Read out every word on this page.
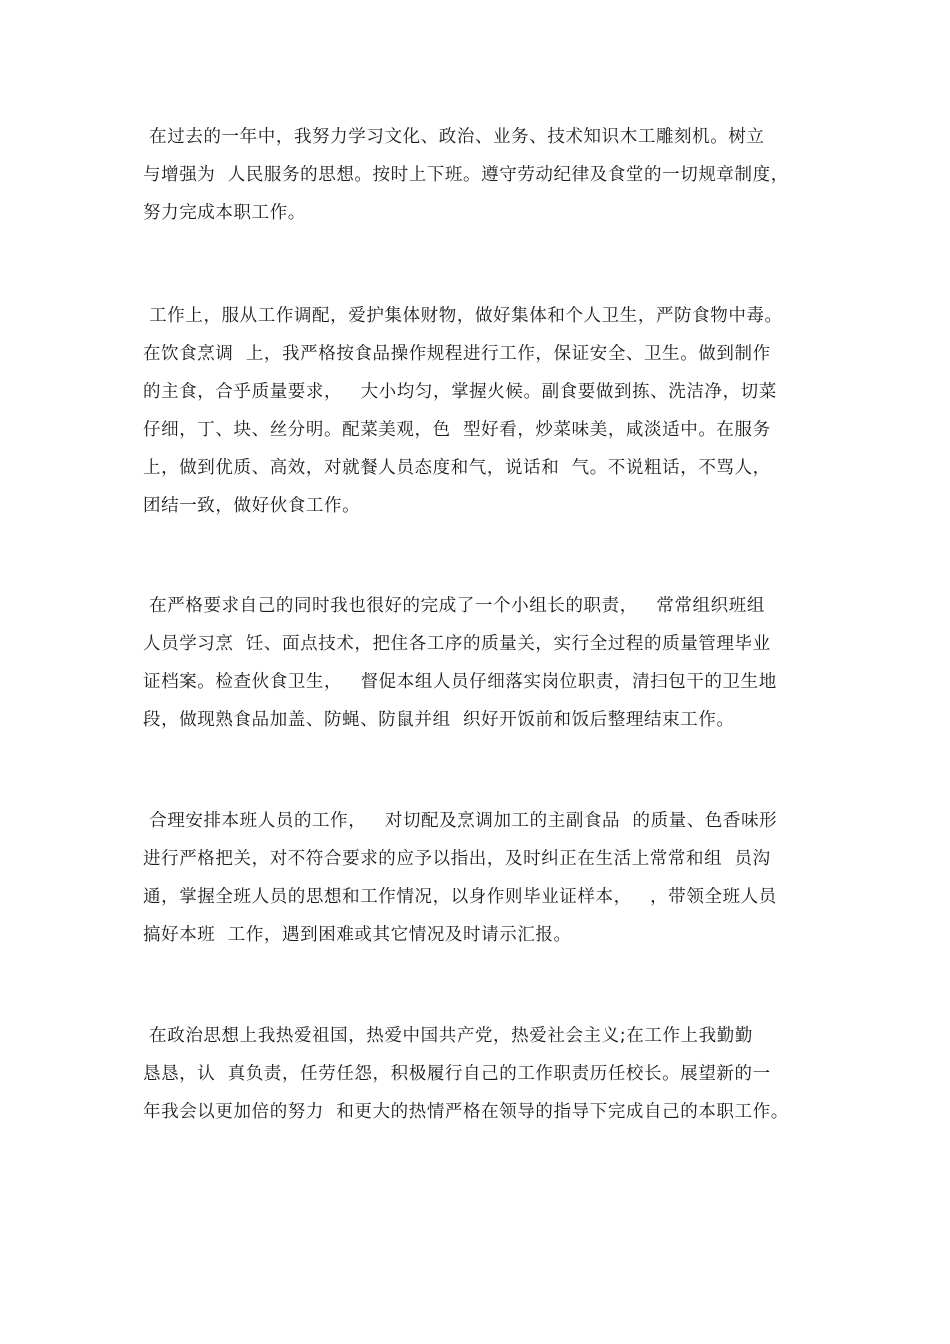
在过去的一年中，我努力学习文化、政治、业务、技术知识木工雕刻机。树立
与增强为  人民服务的思想。按时上下班。遵守劳动纪律及食堂的一切规章制度，
努力完成本职工作。
工作上，服从工作调配，爱护集体财物，做好集体和个人卫生，严防食物中毒。
在饮食烹调  上，我严格按食品操作规程进行工作，保证安全、卫生。做到制作
的主食，合乎质量要求，   大小均匀，掌握火候。副食要做到拣、洗洁净，切菜
仔细，丁、块、丝分明。配菜美观，色  型好看，炒菜味美，咸淡适中。在服务
上，做到优质、高效，对就餐人员态度和气，说话和  气。不说粗话，不骂人，
团结一致，做好伙食工作。
在严格要求自己的同时我也很好的完成了一个小组长的职责，   常常组织班组
人员学习烹  饪、面点技术，把住各工序的质量关，实行全过程的质量管理毕业
证档案。检查伙食卫生，   督促本组人员仔细落实岗位职责，清扫包干的卫生地
段，做现熟食品加盖、防蝇、防鼠并组  织好开饭前和饭后整理结束工作。
合理安排本班人员的工作，   对切配及烹调加工的主副食品  的质量、色香味形
进行严格把关，对不符合要求的应予以指出，及时纠正在生活上常常和组  员沟
通，掌握全班人员的思想和工作情况，以身作则毕业证样本，   ，带领全班人员
搞好本班  工作，遇到困难或其它情况及时请示汇报。
在政治思想上我热爱祖国，热爱中国共产党，热爱社会主义;在工作上我勤勤
恳恳，认  真负责，任劳任怨，积极履行自己的工作职责历任校长。展望新的一
年我会以更加倍的努力  和更大的热情严格在领导的指导下完成自己的本职工作。
